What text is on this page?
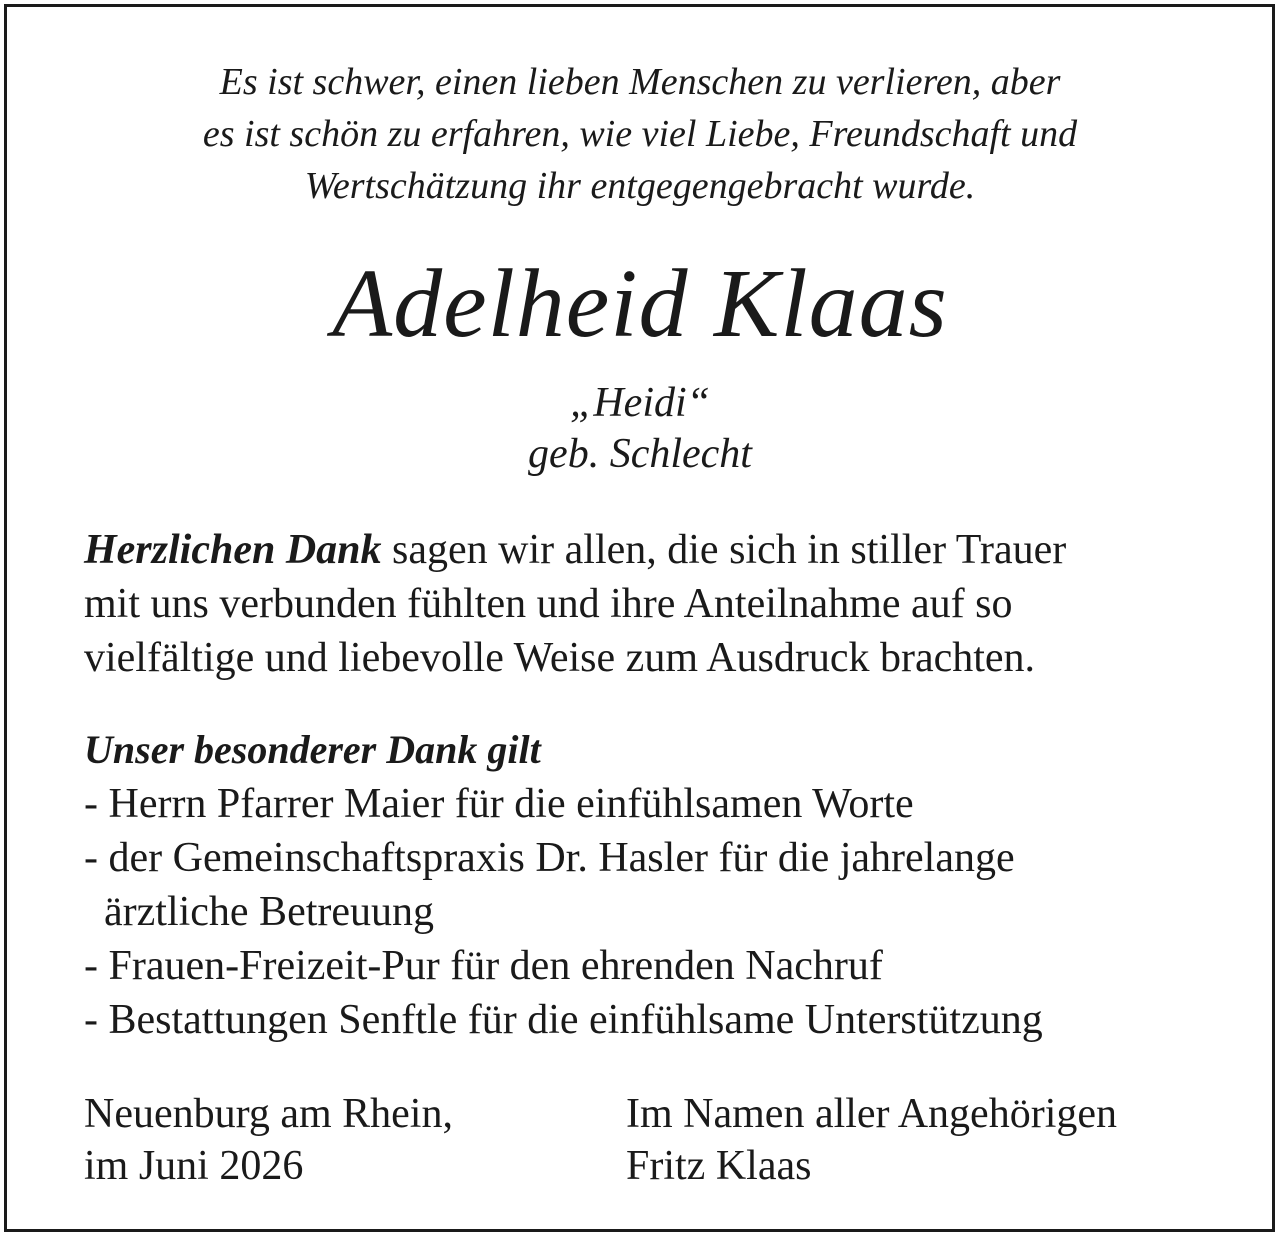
Es ist schwer, einen lieben Menschen zu verlieren, aber
es ist schön zu erfahren, wie viel Liebe, Freundschaft und
Wertschätzung ihr entgegengebracht wurde.
Adelheid Klaas
„Heidi“
geb. Schlecht
Herzlichen Dank sagen wir allen, die sich in stiller Trauer
mit uns verbunden fühlten und ihre Anteilnahme auf so
vielfältige und liebevolle Weise zum Ausdruck brachten.
Unser besonderer Dank gilt
- Herrn Pfarrer Maier für die einfühlsamen Worte
- der Gemeinschaftspraxis Dr. Hasler für die jahrelange
ärztliche Betreuung
- Frauen-Freizeit-Pur für den ehrenden Nachruf
- Bestattungen Senftle für die einfühlsame Unterstützung
Neuenburg am Rhein,
im Juni 2026
Im Namen aller Angehörigen
Fritz Klaas
